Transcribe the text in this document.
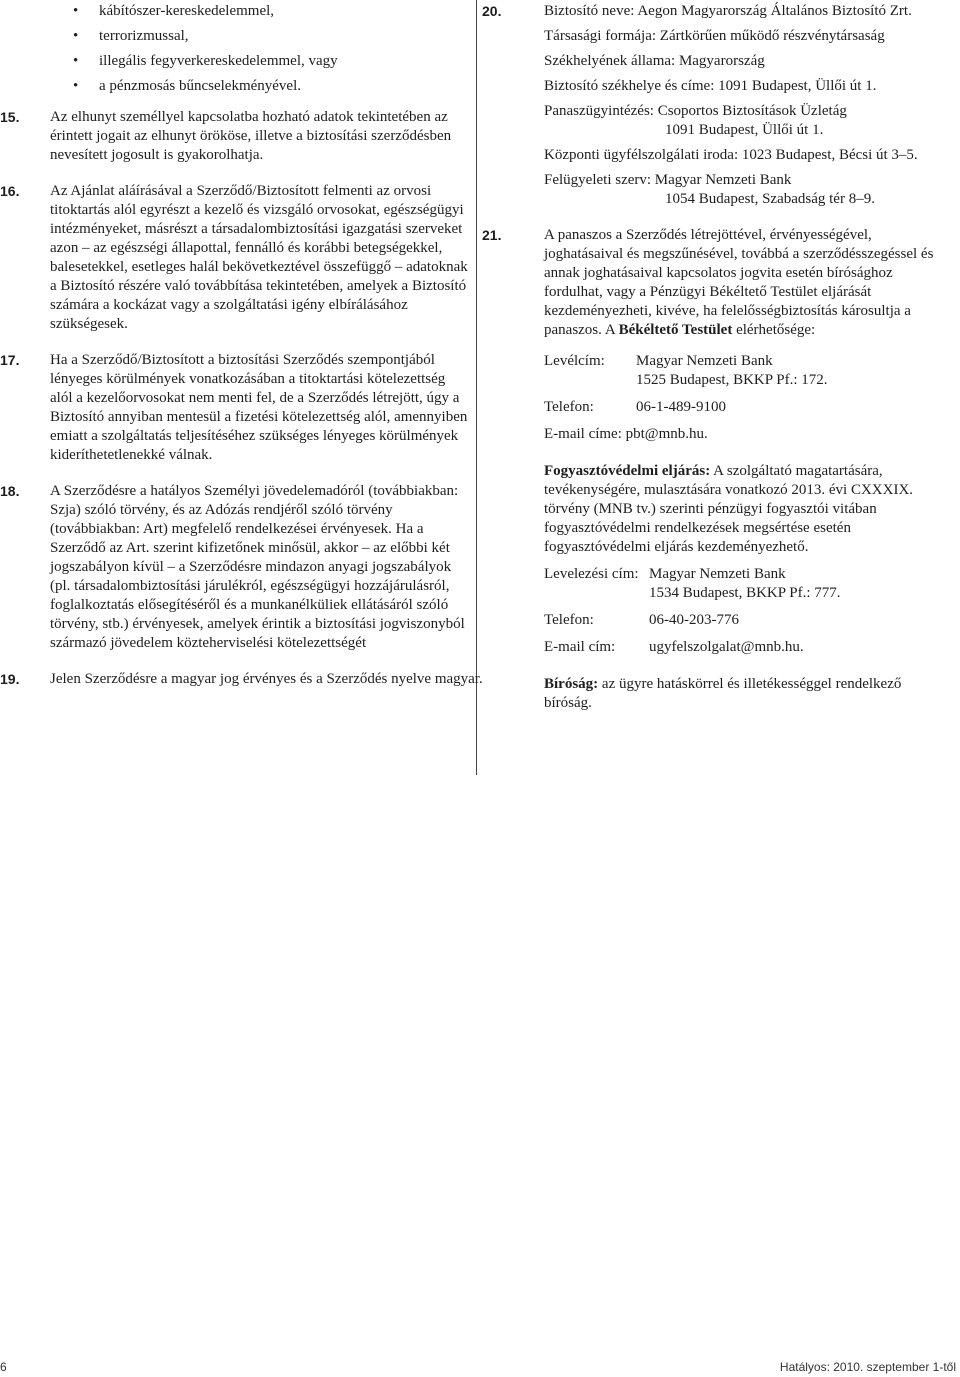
• kábítószer-kereskedelemmel,
• terrorizmussal,
• illegális fegyverkereskedelemmel, vagy
• a pénzmosás bűncselekményével.
15. Az elhunyt személlyel kapcsolatba hozható adatok tekintetében az érintett jogait az elhunyt örököse, illetve a biztosítási szerződésben nevesített jogosult is gyakorolhatja.

16. Az Ajánlat aláírásával a Szerződő/Biztosított felmenti az orvosi titoktartás alól egyrészt a kezelő és vizsgáló orvosokat, egészségügyi intézményeket, másrészt a társadalombiztosítási igazgatási szerveket azon – az egészségi állapottal, fennálló és korábbi betegségekkel, balesetekkel, esetleges halál bekövetkeztével összefüggő – adatoknak a Biztosító részére való továbbítása tekintetében, amelyek a Biztosító számára a kockázat vagy a szolgáltatási igény elbírálásához szükségesek.

17. Ha a Szerződő/Biztosított a biztosítási Szerződés szempontjából lényeges körülmények vonatkozásában a titoktartási kötelezettség alól a kezelőorvosokat nem menti fel, de a Szerződés létrejött, úgy a Biztosító annyiban mentesül a fizetési kötelezettség alól, amennyiben emiatt a szolgáltatás teljesítéséhez szükséges lényeges körülmények kideríthetetlenekké válnak.

18. A Szerződésre a hatályos Személyi jövedelemadóról (továbbiakban: Szja) szóló törvény, és az Adózás rendjéről szóló törvény (továbbiakban: Art) megfelelő rendelkezései érvényesek. Ha a Szerződő az Art. szerint kifizetőnek minősül, akkor – az előbbi két jogszabályon kívül – a Szerződésre mindazon anyagi jogszabályok (pl. társadalombiztosítási járulékról, egészségügyi hozzájárulásról, foglalkoztatás elősegítéséről és a munkanélküliek ellátásáról szóló törvény, stb.) érvényesek, amelyek érintik a biztosítási jogviszonyból származó jövedelem közteherviselési kötelezettségét

19. Jelen Szerződésre a magyar jog érvényes és a Szerződés nyelve magyar.

20.	Biztosító neve: Aegon Magyarország Általános Biztosító Zrt.

Társasági formája: Zártkörűen működő részvénytársaság

Székhelyének állama: Magyarország

Biztosító székhelye és címe: 1091 Budapest, Üllői út 1.

Panaszügyintézés: Csoportos Biztosítások Üzletág

1091 Budapest, Üllői út 1.

Központi ügyfélszolgálati iroda: 1023 Budapest, Bécsi út 3–5.

Felügyeleti szerv: Magyar Nemzeti Bank

1054 Budapest, Szabadság tér 8–9.

21.	A panaszos a Szerződés létrejöttével, érvényességével, joghatásaival és megszűnésével, továbbá a szerződésszegéssel és annak joghatásaival kapcsolatos jogvita esetén bírósághoz fordulhat, vagy a Pénzügyi Békéltető Testület eljárását kezdeményezheti, kivéve, ha felelősségbiztosítás károsultja a panaszos. A Békéltető Testület elérhetősége:

Levélcím:	Magyar Nemzeti Bank
1525 Budapest, BKKP Pf.: 172.
Telefon:	06-1-489-9100
E-mail címe: pbt@mnb.hu.

Fogyasztóvédelmi eljárás: A szolgáltató magatartására, tevékenységére, mulasztására vonatkozó 2013. évi CXXXIX. törvény (MNB tv.) szerinti pénzügyi fogyasztói vitában fogyasztóvédelmi rendelkezések megsértése esetén fogyasztóvédelmi eljárás kezdeményezhető.

Levelezési cím: Magyar Nemzeti Bank
1534 Budapest, BKKP Pf.: 777.
Telefon:	06-40-203-776
E-mail cím:	ugyfelszolgalat@mnb.hu.

Bíróság: az ügyre hatáskörrel és illetékességgel rendelkező bíróság.

6	Hatályos: 2010. szeptember 1-től
